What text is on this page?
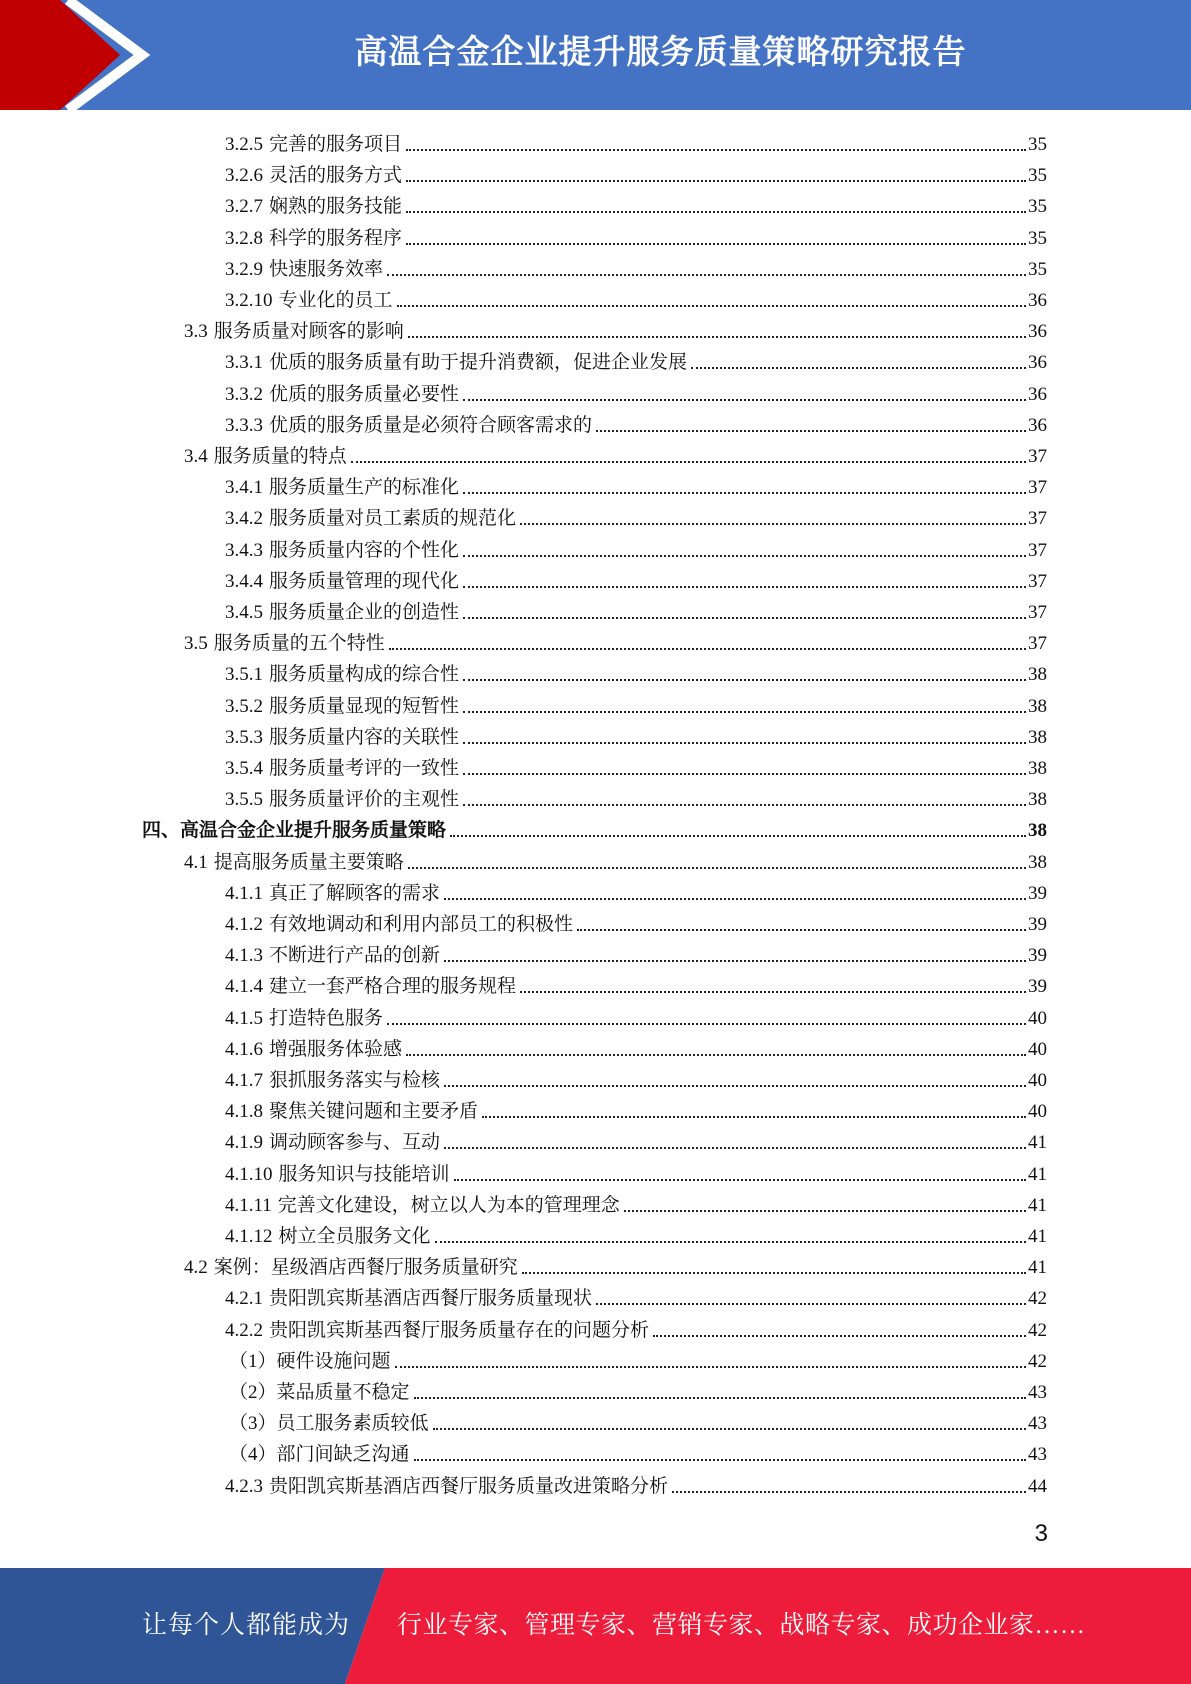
高温合金企业提升服务质量策略研究报告
3.2.5 完善的服务项目	35
3.2.6 灵活的服务方式	35
3.2.7 娴熟的服务技能	35
3.2.8 科学的服务程序	35
3.2.9 快速服务效率	35
3.2.10 专业化的员工	36
3.3 服务质量对顾客的影响	36
3.3.1 优质的服务质量有助于提升消费额，促进企业发展	36
3.3.2 优质的服务质量必要性	36
3.3.3 优质的服务质量是必须符合顾客需求的	36
3.4 服务质量的特点	37
3.4.1 服务质量生产的标准化	37
3.4.2 服务质量对员工素质的规范化	37
3.4.3 服务质量内容的个性化	37
3.4.4 服务质量管理的现代化	37
3.4.5 服务质量企业的创造性	37
3.5 服务质量的五个特性	37
3.5.1 服务质量构成的综合性	38
3.5.2 服务质量显现的短暂性	38
3.5.3 服务质量内容的关联性	38
3.5.4 服务质量考评的一致性	38
3.5.5 服务质量评价的主观性	38
四、 高温合金企业提升服务质量策略	38
4.1 提高服务质量主要策略	38
4.1.1 真正了解顾客的需求	39
4.1.2 有效地调动和利用内部员工的积极性	39
4.1.3 不断进行产品的创新	39
4.1.4 建立一套严格合理的服务规程	39
4.1.5 打造特色服务	40
4.1.6 增强服务体验感	40
4.1.7 狠抓服务落实与检核	40
4.1.8 聚焦关键问题和主要矛盾	40
4.1.9 调动顾客参与、互动	41
4.1.10 服务知识与技能培训	41
4.1.11 完善文化建设，树立以人为本的管理理念	41
4.1.12 树立全员服务文化	41
4.2 案例：星级酒店西餐厅服务质量研究	41
4.2.1 贵阳凯宾斯基酒店西餐厅服务质量现状	42
4.2.2 贵阳凯宾斯基西餐厅服务质量存在的问题分析	42
（1） 硬件设施问题	42
（2） 菜品质量不稳定	43
（3） 员工服务素质较低	43
（4） 部门间缺乏沟通	43
4.2.3 贵阳凯宾斯基酒店西餐厅服务质量改进策略分析	44
3
让每个人都能成为 行业专家、管理专家、营销专家、战略专家、成功企业家……
